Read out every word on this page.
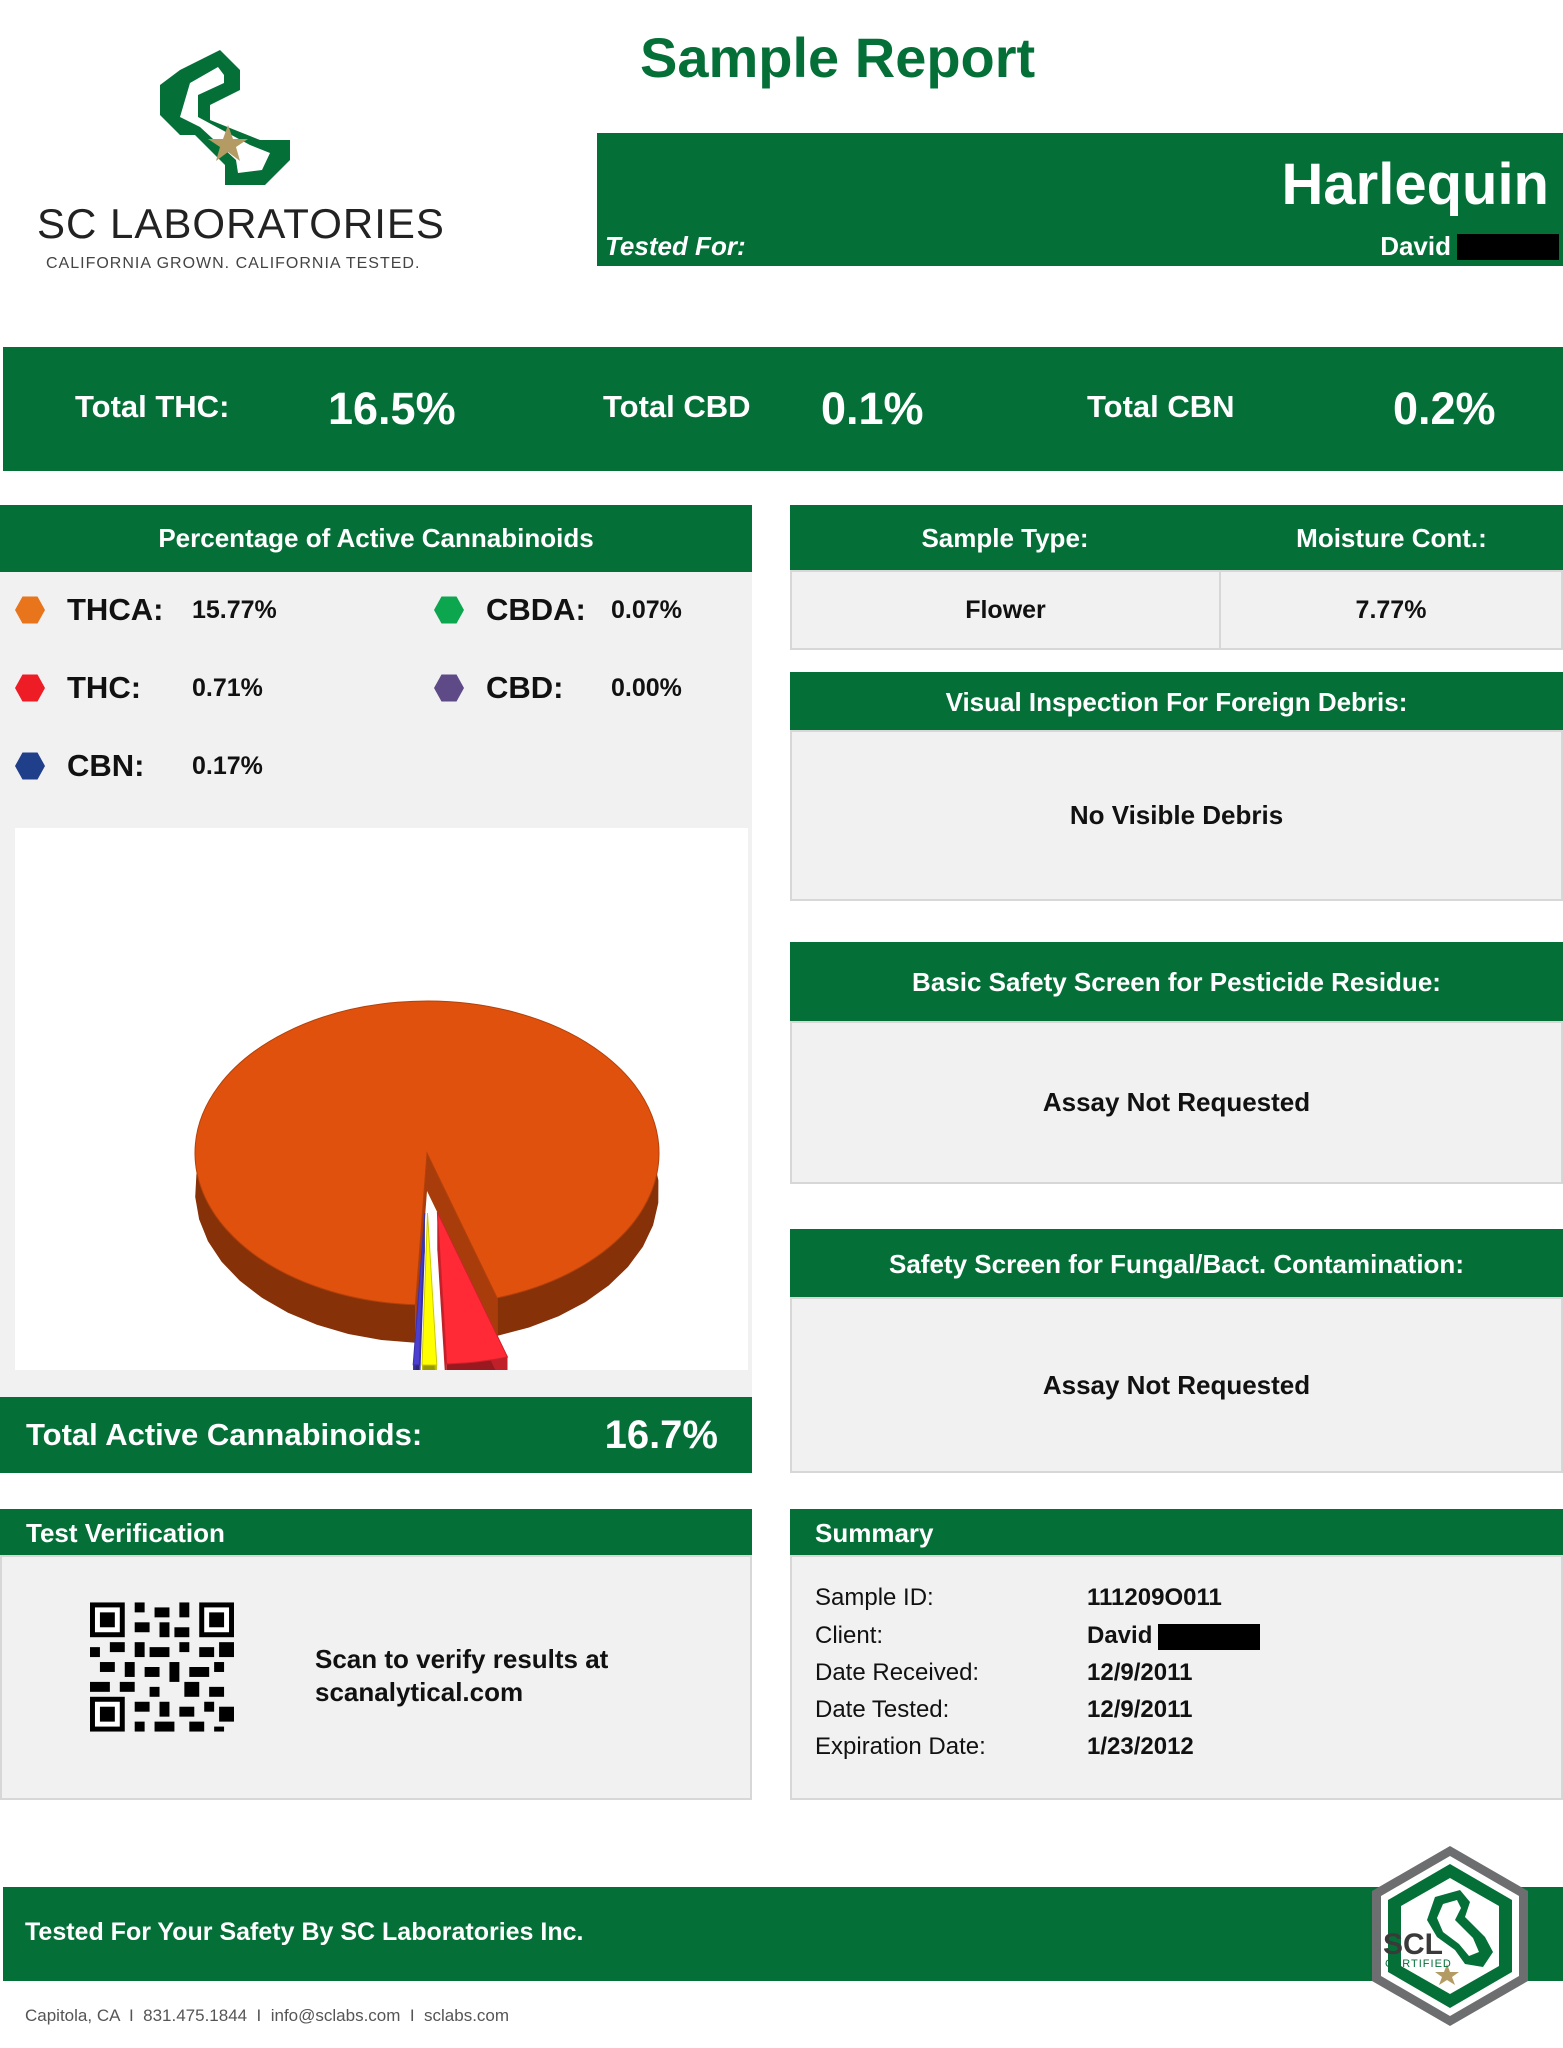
SC LABORATORIES
CALIFORNIA GROWN. CALIFORNIA TESTED.
Sample Report
Harlequin
Tested For:	David
Total THC: 16.5%	Total CBD 0.1%	Total CBN	0.2%
Percentage of Active Cannabinoids
THCA:	15.77%	CBDA:	0.07%
THC:	0.71%	CBD:	0.00%
CBN:	0.17%
Total Active Cannabinoids:	16.7%
Sample Type:	Moisture Cont.:
Flower	7.77%
Visual Inspection For Foreign Debris:
No Visible Debris
Basic Safety Screen for Pesticide Residue:
Assay Not Requested
Safety Screen for Fungal/Bact. Contamination:
Assay Not Requested
Test Verification
Scan to verify results at
scanalytical.com
Summary
Sample ID:	111209O011
Client:	David
Date Received:	12/9/2011
Date Tested:	12/9/2011
Expiration Date:	1/23/2012
Tested For Your Safety By SC Laboratories Inc.	SCL
CERTIFIED
Capitola, CA  I  831.475.1844  I  info@sclabs.com  I  sclabs.com
